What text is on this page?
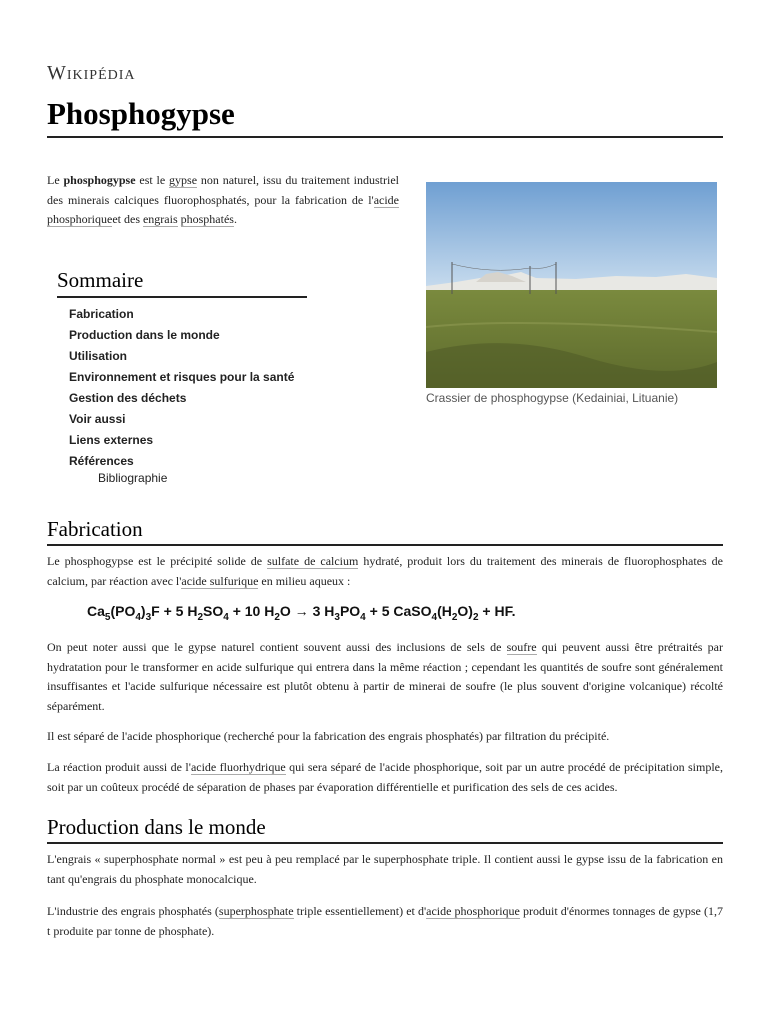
Wikipédia
Phosphogypse
Le phosphogypse est le gypse non naturel, issu du traitement industriel des minerais calciques fluorophosphatés, pour la fabrication de l'acide phosphoriqueet des engrais phosphatés.
Crassier de phosphogypse (Kedainiai, Lituanie)
Sommaire
Fabrication
Production dans le monde
Utilisation
Environnement et risques pour la santé
Gestion des déchets
Voir aussi
Liens externes
Références
Bibliographie
Fabrication
Le phosphogypse est le précipité solide de sulfate de calcium hydraté, produit lors du traitement des minerais de fluorophosphates de calcium, par réaction avec l'acide sulfurique en milieu aqueux :
$Ca_5(PO_4)_3F + 5$ $H_2SO_4 + 10$ $H_2O \to 3$ $H_3PO_4 + 5$ $CaSO_4(H_2O)_2$ + HF.
On peut noter aussi que le gypse naturel contient souvent aussi des inclusions de sels de soufre qui peuvent aussi être prétraités par hydratation pour le transformer en acide sulfurique qui entrera dans la même réaction ; cependant les quantités de soufre sont généralement insuffisantes et l'acide sulfurique nécessaire est plutôt obtenu à partir de minerai de soufre (le plus souvent d'origine volcanique) récolté séparément.
Il est séparé de l'acide phosphorique (recherché pour la fabrication des engrais phosphatés) par filtration du précipité.
La réaction produit aussi de l'acide fluorhydrique qui sera séparé de l'acide phosphorique, soit par un autre procédé de précipitation simple, soit par un coûteux procédé de séparation de phases par évaporation différentielle et purification des sels de ces acides.
Production dans le monde
L'engrais « superphosphate normal » est peu à peu remplacé par le superphosphate triple. Il contient aussi le gypse issu de la fabrication en tant qu'engrais du phosphate monocalcique.
L'industrie des engrais phosphatés (superphosphate triple essentiellement) et d'acide phosphorique produit d'énormes tonnages de gypse (1,7 t produite par tonne de phosphate).
